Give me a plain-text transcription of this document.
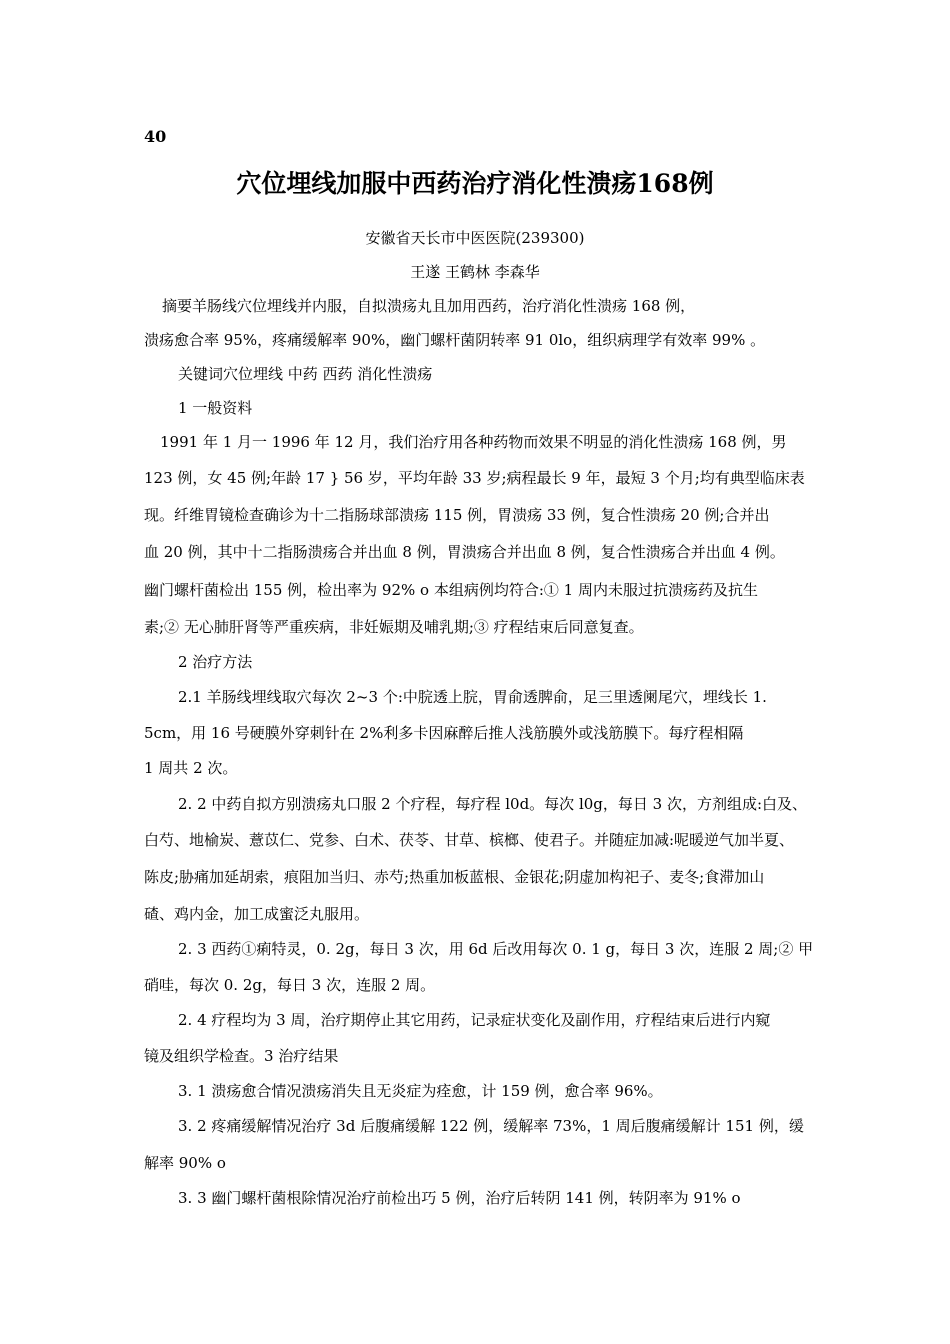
40
穴位埋线加服中西药治疗消化性溃疡168例
安徽省天长市中医医院(239300)
王遂 王鹤林 李森华
摘要羊肠线穴位埋线并内服，自拟溃疡丸且加用西药，治疗消化性溃疡 168 例，
溃疡愈合率 95%，疼痛缓解率 90%，幽门螺杆菌阴转率 91 0lo，组织病理学有效率 99% 。
关键词穴位埋线 中药 西药 消化性溃疡
1 一般资料
1991 年 1 月一 1996 年 12 月，我们治疗用各种药物而效果不明显的消化性溃疡 168 例，男
123 例，女 45 例;年龄 17 } 56 岁，平均年龄 33 岁;病程最长 9 年，最短 3 个月;均有典型临床表
现。纤维胃镜检查确诊为十二指肠球部溃疡 115 例，胃溃疡 33 例，复合性溃疡 20 例;合并出
血 20 例，其中十二指肠溃疡合并出血 8 例，胃溃疡合并出血 8 例，复合性溃疡合并出血 4 例。
幽门螺杆菌检出 155 例，检出率为 92% o 本组病例均符合:① 1 周内未服过抗溃疡药及抗生
素;② 无心肺肝肾等严重疾病，非妊娠期及哺乳期;③ 疗程结束后同意复查。
2 治疗方法
2.1 羊肠线埋线取穴每次 2~3 个:中脘透上脘，胃俞透脾俞，足三里透阑尾穴，埋线长 1.
5cm，用 16 号硬膜外穿刺针在 2%利多卡因麻醉后推人浅筋膜外或浅筋膜下。每疗程相隔
1 周共 2 次。
2. 2 中药自拟方别溃疡丸口服 2 个疗程，每疗程 l0d。每次 l0g，每日 3 次，方剂组成:白及、
白芍、地榆炭、薏苡仁、党参、白术、茯苓、甘草、槟榔、使君子。并随症加减:呢暖逆气加半夏、
陈皮;胁痛加延胡索，痕阻加当归、赤芍;热重加板蓝根、金银花;阴虚加构祀子、麦冬;食滞加山
碴、鸡内金，加工成蜜泛丸服用。
2. 3 西药①痢特灵，0. 2g，每日 3 次，用 6d 后改用每次 0. 1 g，每日 3 次，连服 2 周;② 甲
硝哇，每次 0. 2g，每日 3 次，连服 2 周。
2. 4 疗程均为 3 周，治疗期停止其它用药，记录症状变化及副作用，疗程结束后进行内窥
镜及组织学检查。3 治疗结果
3. 1 溃疡愈合情况溃疡消失且无炎症为痊愈，计 159 例，愈合率 96%。
3. 2 疼痛缓解情况治疗 3d 后腹痛缓解 122 例，缓解率 73%，1 周后腹痛缓解计 151 例，缓
解率 90% o
3. 3 幽门螺杆菌根除情况治疗前检出巧 5 例，治疗后转阴 141 例，转阴率为 91% o
